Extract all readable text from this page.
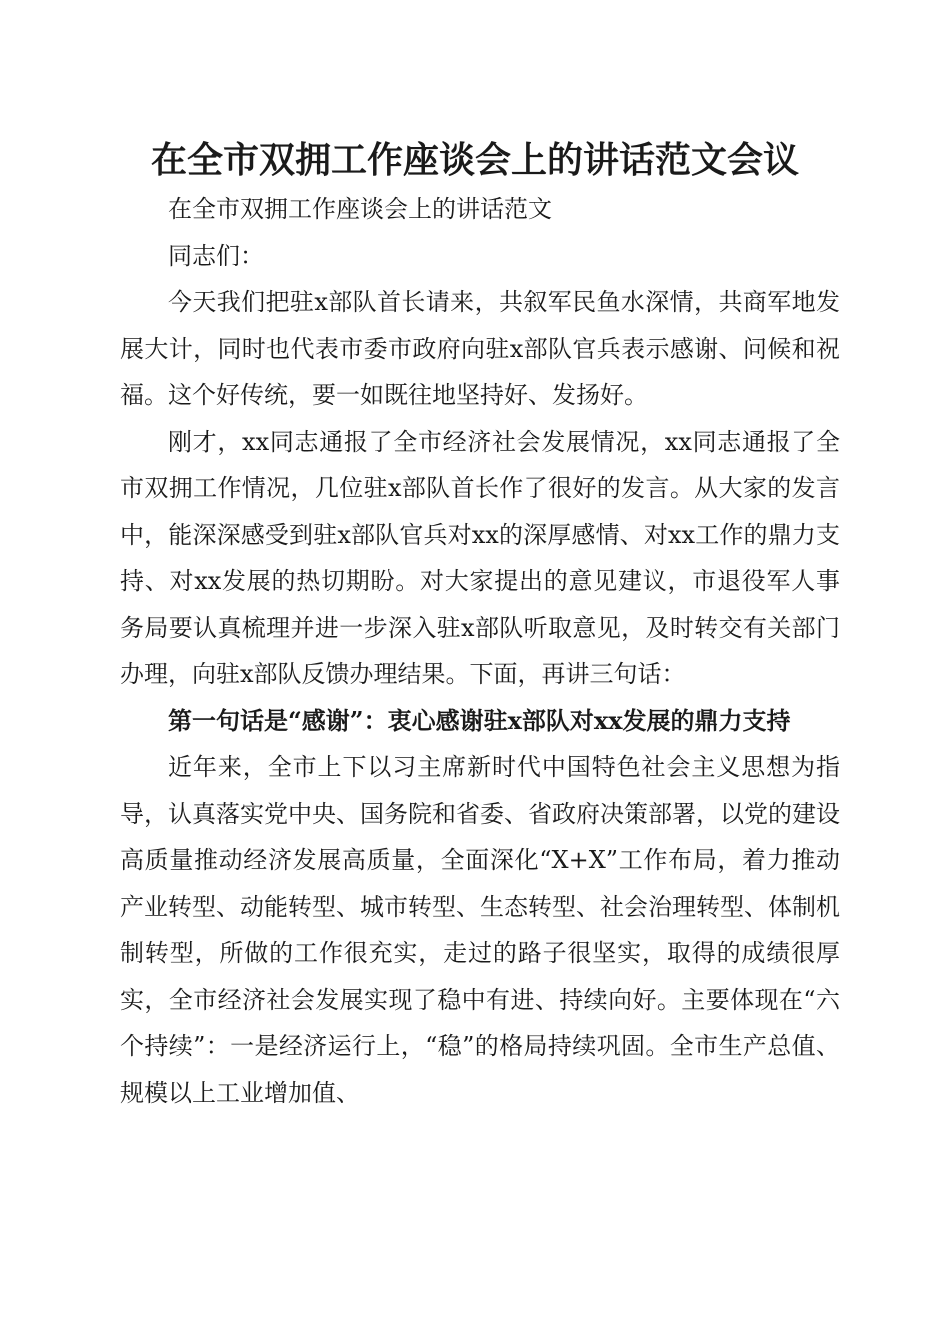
在全市双拥工作座谈会上的讲话范文会议

在全市双拥工作座谈会上的讲话范文

同志们：

今天我们把驻x部队首长请来，共叙军民鱼水深情，共商军地发展大计，同时也代表市委市政府向驻x部队官兵表示感谢、问候和祝福。这个好传统，要一如既往地坚持好、发扬好。

刚才，xx同志通报了全市经济社会发展情况，xx同志通报了全市双拥工作情况，几位驻x部队首长作了很好的发言。从大家的发言中，能深深感受到驻x部队官兵对xx的深厚感情、对xx工作的鼎力支持、对xx发展的热切期盼。对大家提出的意见建议，市退役军人事务局要认真梳理并进一步深入驻x部队听取意见，及时转交有关部门办理，向驻x部队反馈办理结果。下面，再讲三句话：

第一句话是“感谢”：衷心感谢驻x部队对xx发展的鼎力支持

近年来，全市上下以习主席新时代中国特色社会主义思想为指导，认真落实党中央、国务院和省委、省政府决策部署，以党的建设高质量推动经济发展高质量，全面深化“X+X”工作布局，着力推动产业转型、动能转型、城市转型、生态转型、社会治理转型、体制机制转型，所做的工作很充实，走过的路子很坚实，取得的成绩很厚实，全市经济社会发展实现了稳中有进、持续向好。主要体现在“六个持续”：一是经济运行上，“稳”的格局持续巩固。全市生产总值、规模以上工业增加值、
